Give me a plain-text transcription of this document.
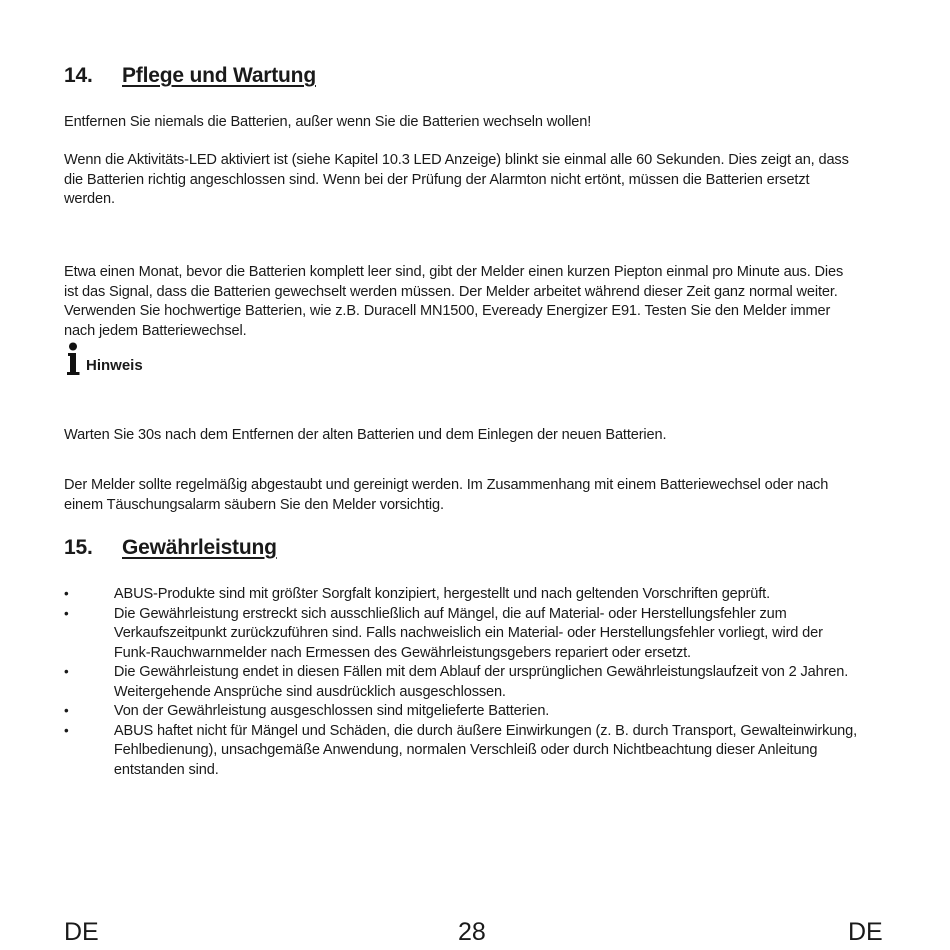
14. Pflege und Wartung
Entfernen Sie niemals die Batterien, außer wenn Sie die Batterien wechseln wollen!
Wenn die Aktivitäts-LED aktiviert ist (siehe Kapitel 10.3 LED Anzeige) blinkt sie einmal alle 60 Sekunden. Dies zeigt an, dass die Batterien richtig angeschlossen sind. Wenn bei der Prüfung der Alarmton nicht ertönt, müssen die Batterien ersetzt werden.
Etwa einen Monat, bevor die Batterien komplett leer sind, gibt der Melder einen kurzen Piepton einmal pro Minute aus. Dies ist das Signal, dass die Batterien gewechselt werden müssen. Der Melder arbeitet während dieser Zeit ganz normal weiter. Verwenden Sie hochwertige Batterien, wie z.B. Duracell MN1500, Eveready Energizer E91. Testen Sie den Melder immer nach jedem Batteriewechsel.
Hinweis
Warten Sie 30s nach dem Entfernen der alten Batterien und dem Einlegen der neuen Batterien.
Der Melder sollte regelmäßig abgestaubt und gereinigt werden. Im Zusammenhang mit einem Batteriewechsel oder nach einem Täuschungsalarm säubern Sie den Melder vorsichtig.
15. Gewährleistung
•	ABUS-Produkte sind mit größter Sorgfalt konzipiert, hergestellt und nach geltenden Vorschriften geprüft.
•	Die Gewährleistung erstreckt sich ausschließlich auf Mängel, die auf Material- oder Herstellungsfehler zum Verkaufszeitpunkt zurückzuführen sind. Falls nachweislich ein Material- oder Herstellungsfehler vorliegt, wird der Funk-Rauchwarnmelder nach Ermessen des Gewährleistungsgebers repariert oder ersetzt.
•	Die Gewährleistung endet in diesen Fällen mit dem Ablauf der ursprünglichen Gewährleistungslaufzeit von 2 Jahren. Weitergehende Ansprüche sind ausdrücklich ausgeschlossen.
•	Von der Gewährleistung ausgeschlossen sind mitgelieferte Batterien.
•	ABUS haftet nicht für Mängel und Schäden, die durch äußere Einwirkungen (z. B. durch Transport, Gewalteinwirkung, Fehlbedienung), unsachgemäße Anwendung, normalen Verschleiß oder durch Nichtbeachtung dieser Anleitung entstanden sind.
DE	28	DE
